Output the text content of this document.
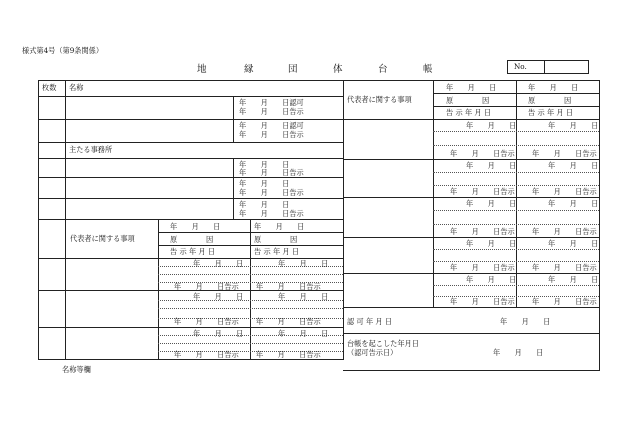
様式第4号（第9条関係）
地	縁	団	体	台	帳	No.
枚数 名称
年　　月　　日認可
年　　月　　日告示
年　　月　　日認可
年　　月　　日告示
主たる事務所
年　　月　　日
年　　月　　日告示
年　　月　　日
年　　月　　日告示
年　　月　　日
年　　月　　日告示
代表者に関する事項
年　　月　　日	年　　月　　日
原　　　　因	原　　　　因
告 示 年 月 日	告 示 年 月 日
年　　月　　日	年　　月　　日
年　　月　　日告示 年　　月　　日告示
年　　月　　日	年　　月　　日
年　　月　　日告示 年　　月　　日告示
年　　月　　日	年　　月　　日
年　　月　　日告示 年　　月　　日告示
名称等欄
代表者に関する事項
年　　月　　日	年　　月　　日
原　　　　因	原　　　　因
告 示 年 月 日	告 示 年 月 日
年　　月　　日	年　　月　　日
年　　月　　日告示 年　　月　　日告示
年　　月　　日	年　　月　　日
年　　月　　日告示 年　　月　　日告示
年　　月　　日	年　　月　　日
年　　月　　日告示 年　　月　　日告示
年　　月　　日	年　　月　　日
年　　月　　日告示 年　　月　　日告示
年　　月　　日	年　　月　　日
年　　月　　日告示 年　　月　　日告示
認 可 年 月 日	年　　月　　日
台帳を起こした年月日
（認可告示日）	年　　月　　日
